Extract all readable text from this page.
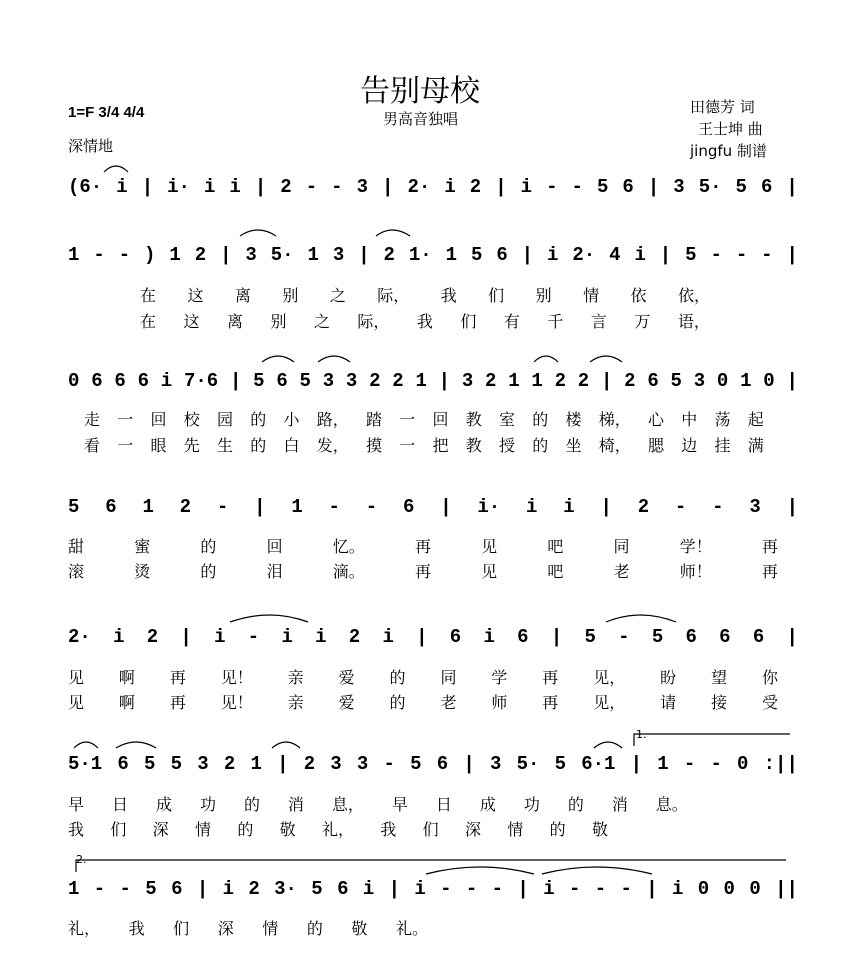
告别母校
男高音独唱
1=F 3/4 4/4
深情地
田德芳 词
王士坤 曲
jingfu 制谱
(6· i | i· i i | 2 - - 3 | 2· i 2 | i - - 5 6 | 3 5· 5 6 |
1 - - ) 1 2 | 3 5· 1 3 | 2 1· 1 5 6 | i 2· 4 i | 5 - - - |
在 这 离 别 之 际， 我 们 别 情 依 依，
在 这 离 别 之 际， 我 们 有 千 言 万 语，
0 6 6 6 i 7·6 | 5 6 5 3 3 2 2 1 | 3 2 1 1 2 2 | 2 6 5 3 0 1 0 |
走 一 回 校 园 的 小 路， 踏 一 回 教 室 的 楼 梯， 心 中 荡 起
看 一 眼 先 生 的 白 发， 摸 一 把 教 授 的 坐 椅， 腮 边 挂 满
5 6 1 2 - | 1 - - 6 | i· i i | 2 - - 3 |
甜	蜜	的	回	忆。	再	见	吧	同	学！	再
滚	烫	的	泪	滴。	再	见	吧	老	师！	再
2· i 2 | i - i i 2 i | 6 i 6 | 5 - 5 6 6 6 |
见 啊 再 见！ 亲 爱 的 同 学 再 见， 盼 望 你
见 啊 再 见！ 亲 爱 的 老 师 再 见， 请 接 受
5·1 6 5 5 3 2 1 | 2 3 3 - 5 6 | 3 5· 5 6·1 | 1 - - 0 :||
早 日 成 功 的 消 息， 早 日 成 功 的 消 息。
我 们 深 情 的 敬 礼， 我 们 深 情 的 敬
1 - - 5 6 | i 2 3· 5 6 i | i - - - | i - - - | i 0 0 0 ||
礼， 我 们 深 情 的 敬 礼。
1.
2.
